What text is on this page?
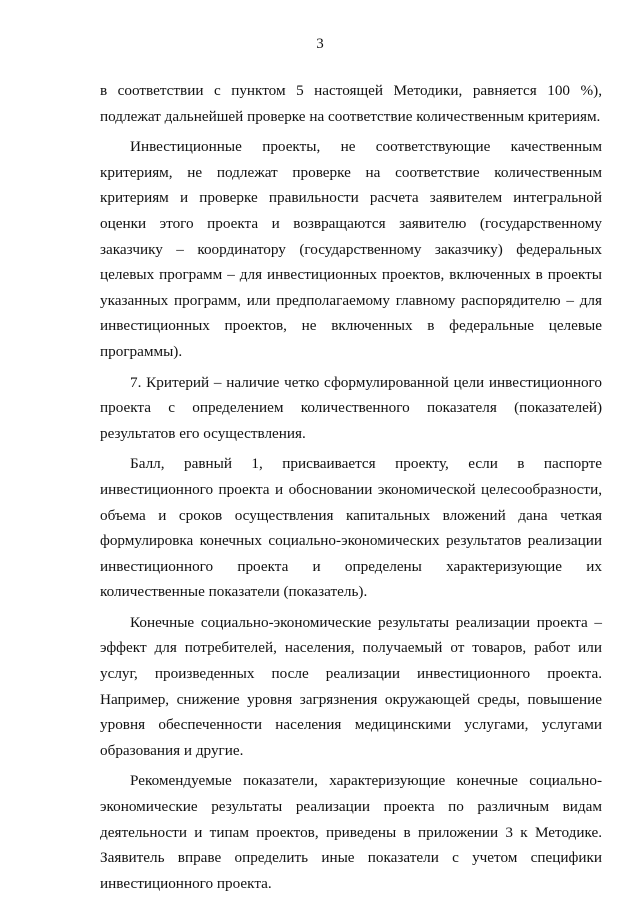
3

в соответствии с пунктом 5 настоящей Методики, равняется 100 %), подлежат дальнейшей проверке на соответствие количественным критериям.

Инвестиционные проекты, не соответствующие качественным критериям, не подлежат проверке на соответствие количественным критериям и проверке правильности расчета заявителем интегральной оценки этого проекта и возвращаются заявителю (государственному заказчику – координатору (государственному заказчику) федеральных целевых программ – для инвестиционных проектов, включенных в проекты указанных программ, или предполагаемому главному распорядителю – для инвестиционных проектов, не включенных в федеральные целевые программы).

7. Критерий – наличие четко сформулированной цели инвестиционного проекта с определением количественного показателя (показателей) результатов его осуществления.

Балл, равный 1, присваивается проекту, если в паспорте инвестиционного проекта и обосновании экономической целесообразности, объема и сроков осуществления капитальных вложений дана четкая формулировка конечных социально-экономических результатов реализации инвестиционного проекта и определены характеризующие их количественные показатели (показатель).

Конечные социально-экономические результаты реализации проекта – эффект для потребителей, населения, получаемый от товаров, работ или услуг, произведенных после реализации инвестиционного проекта. Например, снижение уровня загрязнения окружающей среды, повышение уровня обеспеченности населения медицинскими услугами, услугами образования и другие.

Рекомендуемые показатели, характеризующие конечные социально-экономические результаты реализации проекта по различным видам деятельности и типам проектов, приведены в приложении 3 к Методике. Заявитель вправе определить иные показатели с учетом специфики инвестиционного проекта.
